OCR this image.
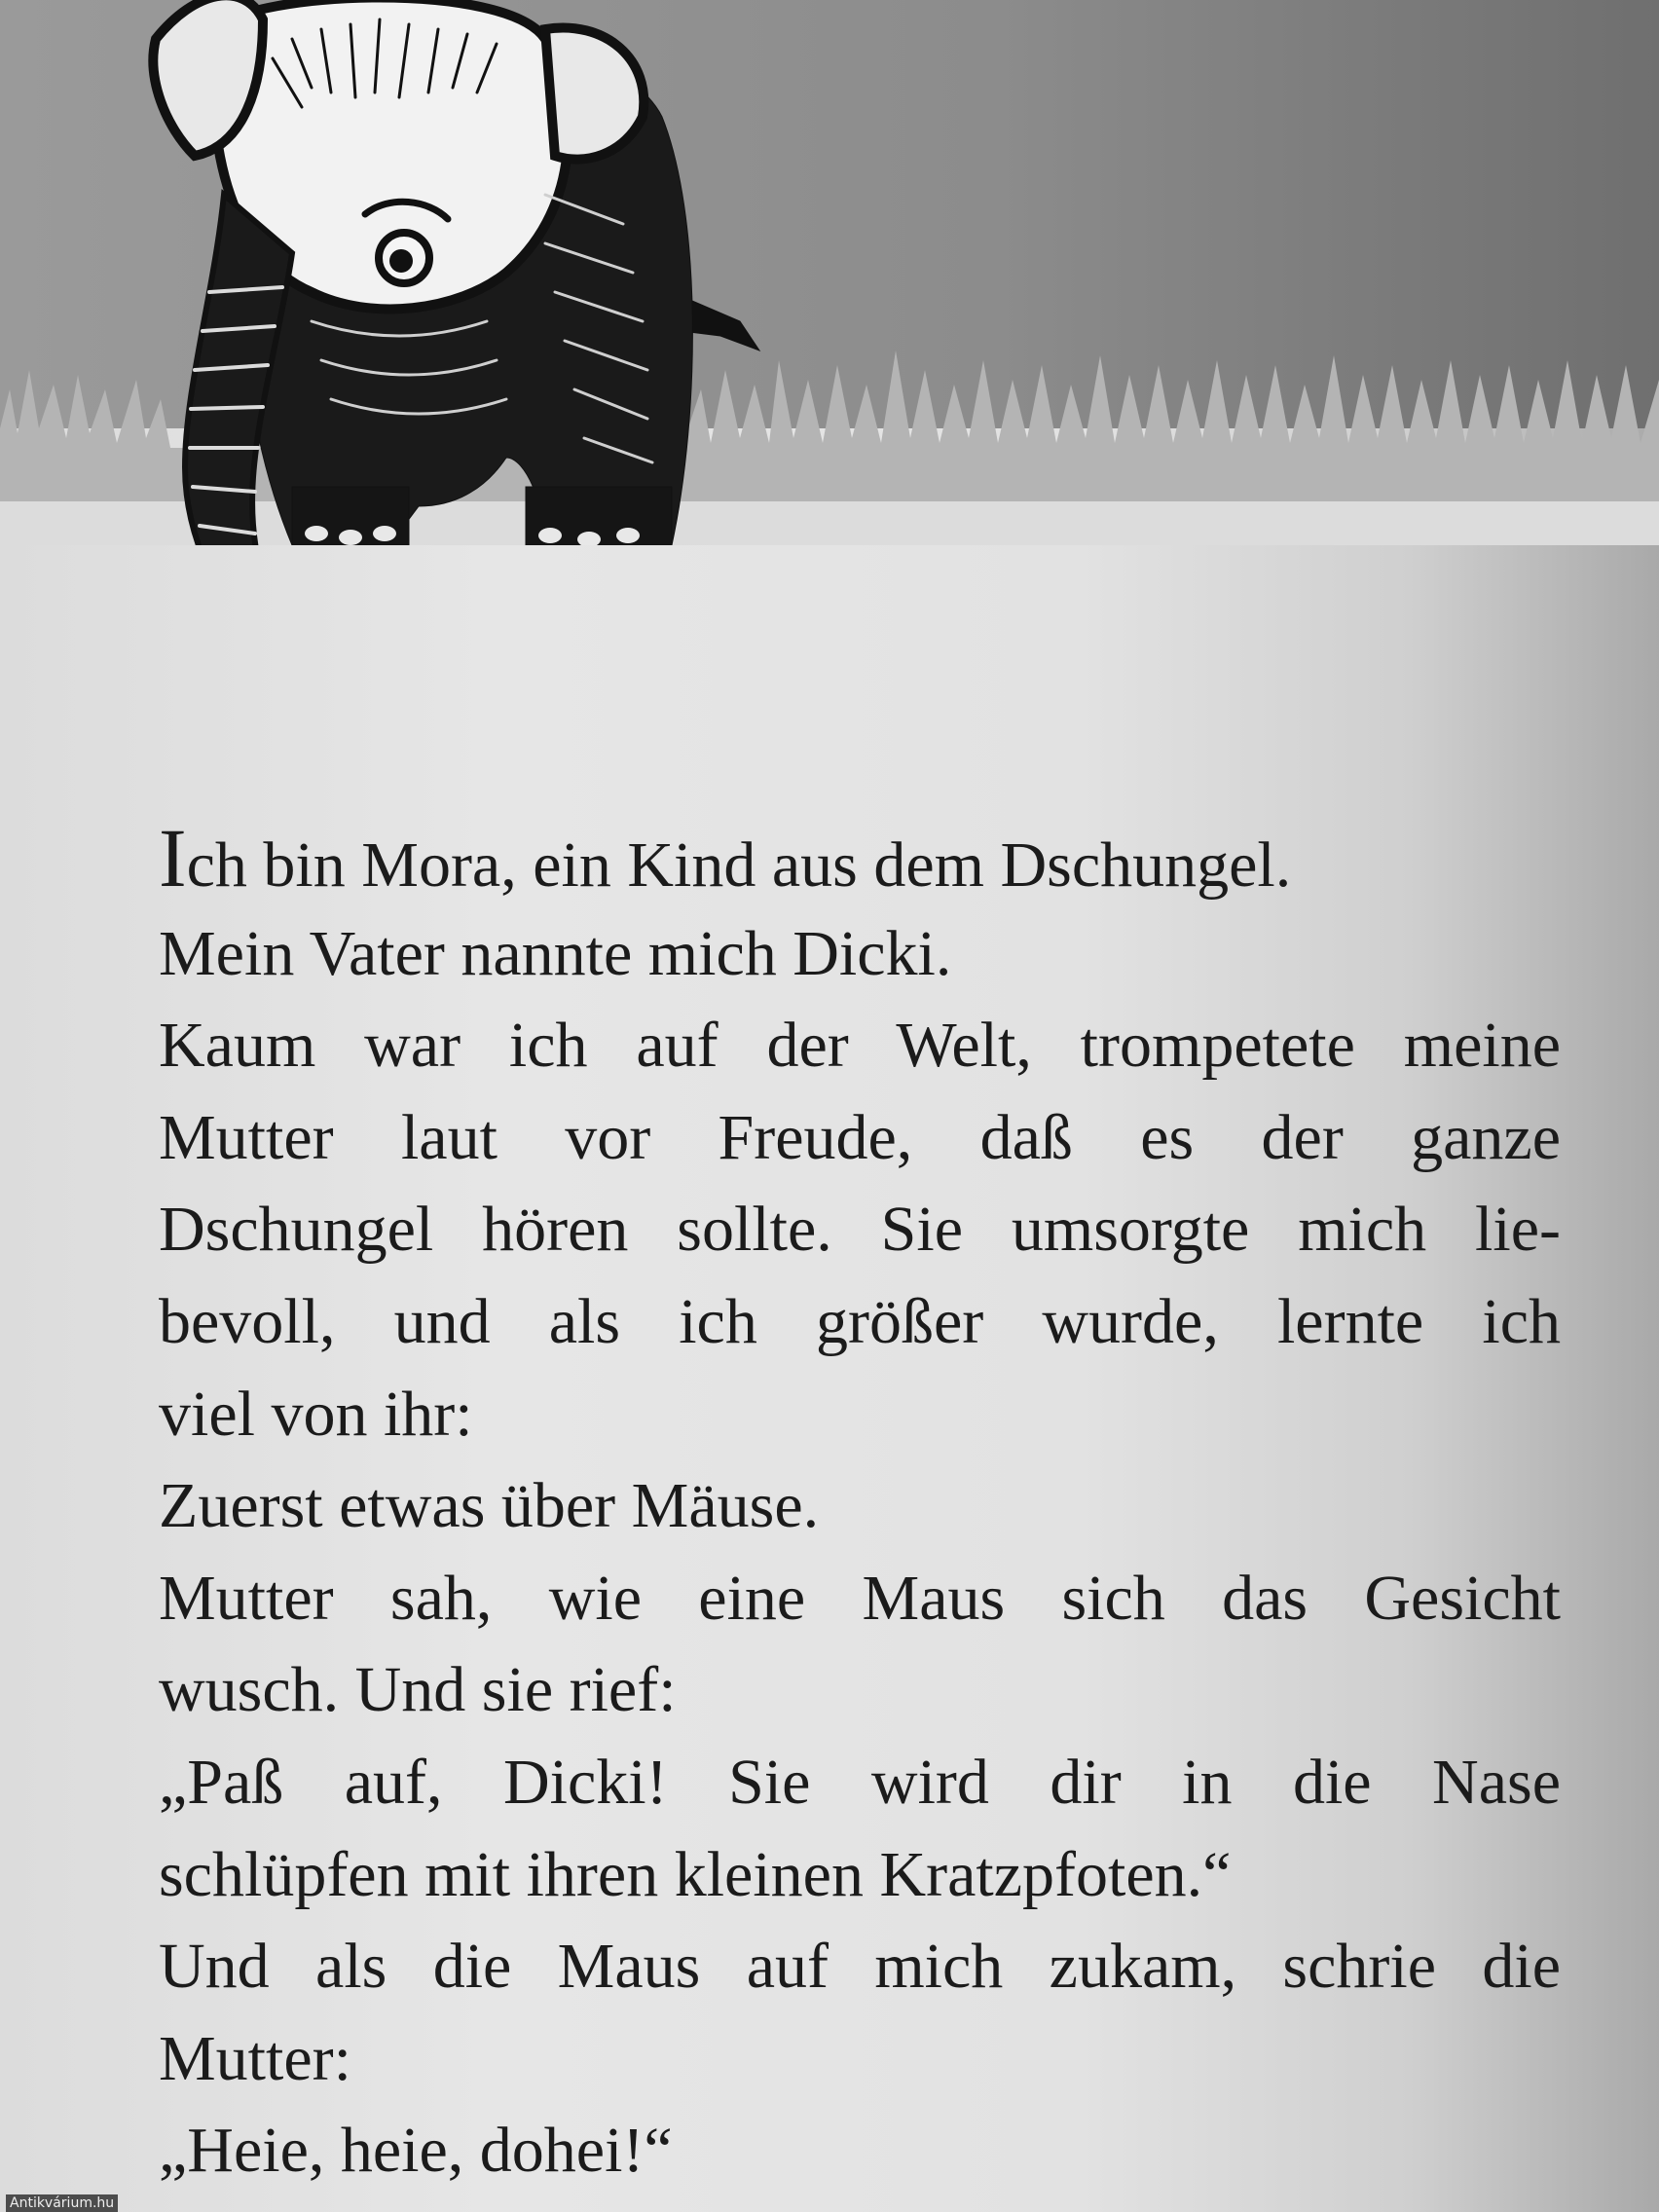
Ich bin Mora, ein Kind aus dem Dschungel.
Mein Vater nannte mich Dicki.
Kaum war ich auf der Welt, trompetete meine
Mutter laut vor Freude, daß es der ganze
Dschungel hören sollte. Sie umsorgte mich lie-
bevoll, und als ich größer wurde, lernte ich
viel von ihr:
Zuerst etwas über Mäuse.
Mutter sah, wie eine Maus sich das Gesicht
wusch. Und sie rief:
„Paß auf, Dicki! Sie wird dir in die Nase
schlüpfen mit ihren kleinen Kratzpfoten.“
Und als die Maus auf mich zukam, schrie die
Mutter:
„Heie, heie, dohei!“
Antikvárium.hu
